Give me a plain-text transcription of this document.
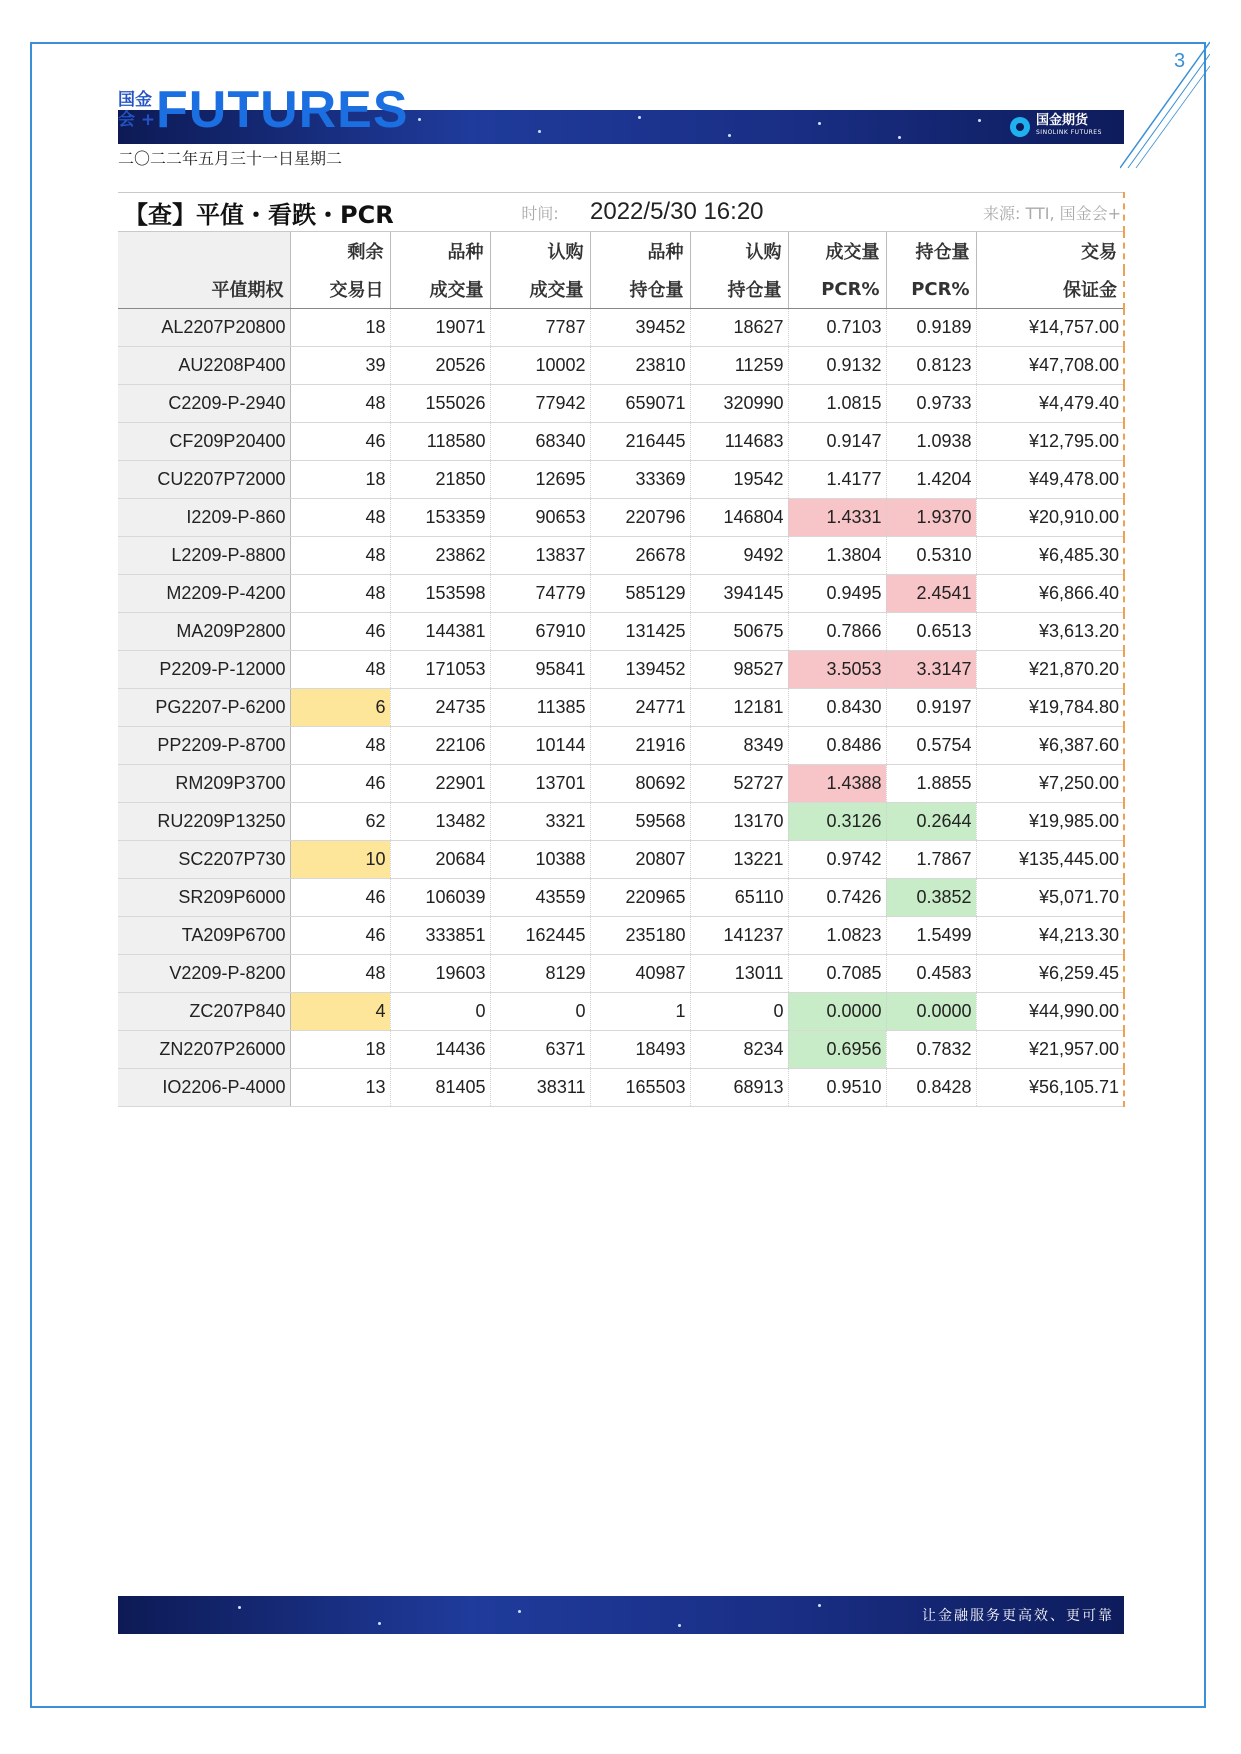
3
国金
会 + FUTURES	国金期货
SINOLINK FUTURES
二〇二二年五月三十一日星期二
【查】平值・看跌・PCR			时间:	2022/5/30 16:20			来源: TTI, 国金会+	
	剩余	品种	认购	品种	认购	成交量	持仓量	交易
平值期权	交易日	成交量	成交量	持仓量	持仓量	PCR%	PCR%	保证金
AL2207P20800	18	19071	7787	39452	18627	0.7103	0.9189	¥14,757.00
AU2208P400	39	20526	10002	23810	11259	0.9132	0.8123	¥47,708.00
C2209-P-2940	48	155026	77942	659071	320990	1.0815	0.9733	¥4,479.40
CF209P20400	46	118580	68340	216445	114683	0.9147	1.0938	¥12,795.00
CU2207P72000	18	21850	12695	33369	19542	1.4177	1.4204	¥49,478.00
I2209-P-860	48	153359	90653	220796	146804	1.4331	1.9370	¥20,910.00
L2209-P-8800	48	23862	13837	26678	9492	1.3804	0.5310	¥6,485.30
M2209-P-4200	48	153598	74779	585129	394145	0.9495	2.4541	¥6,866.40
MA209P2800	46	144381	67910	131425	50675	0.7866	0.6513	¥3,613.20
P2209-P-12000	48	171053	95841	139452	98527	3.5053	3.3147	¥21,870.20
PG2207-P-6200	6	24735	11385	24771	12181	0.8430	0.9197	¥19,784.80
PP2209-P-8700	48	22106	10144	21916	8349	0.8486	0.5754	¥6,387.60
RM209P3700	46	22901	13701	80692	52727	1.4388	1.8855	¥7,250.00
RU2209P13250	62	13482	3321	59568	13170	0.3126	0.2644	¥19,985.00
SC2207P730	10	20684	10388	20807	13221	0.9742	1.7867	¥135,445.00
SR209P6000	46	106039	43559	220965	65110	0.7426	0.3852	¥5,071.70
TA209P6700	46	333851	162445	235180	141237	1.0823	1.5499	¥4,213.30
V2209-P-8200	48	19603	8129	40987	13011	0.7085	0.4583	¥6,259.45
ZC207P840	4	0	0	1	0	0.0000	0.0000	¥44,990.00
ZN2207P26000	18	14436	6371	18493	8234	0.6956	0.7832	¥21,957.00
IO2206-P-4000	13	81405	38311	165503	68913	0.9510	0.8428	¥56,105.71
让金融服务更高效、更可靠
